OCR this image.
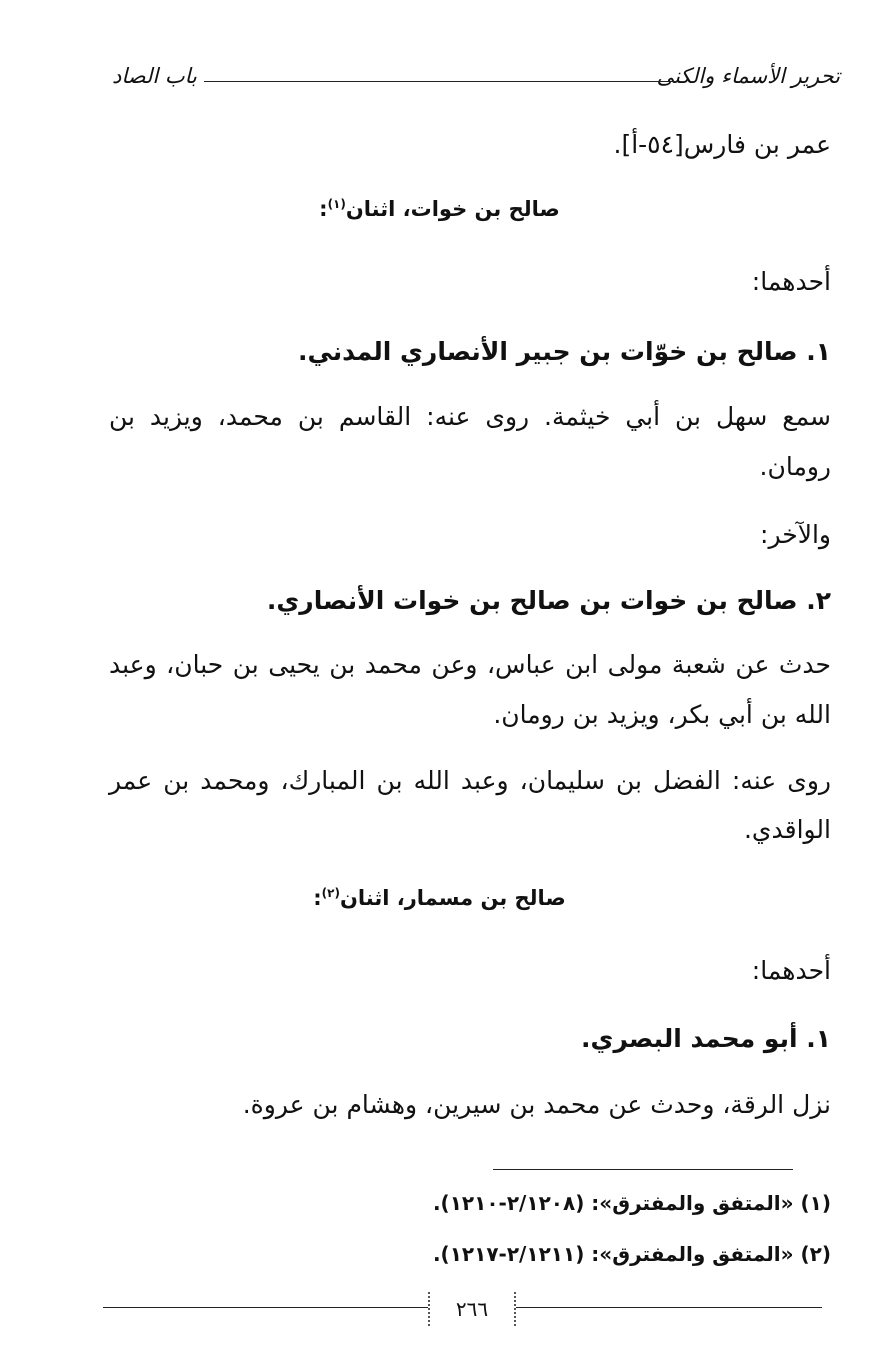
تحرير الأسماء والكنى
باب الصاد
عمر بن فارس[٥٤-أ].
صالح بن خوات، اثنان$^{(١)}$:
أحدهما:
١. صالح بن خوّات بن جبير الأنصاري المدني.
سمع سهل بن أبي خيثمة. روى عنه: القاسم بن محمد، ويزيد بن
رومان.
والآخر:
٢. صالح بن خوات بن صالح بن خوات الأنصاري.
حدث عن شعبة مولى ابن عباس، وعن محمد بن يحيى بن حبان، وعبد
الله بن أبي بكر، ويزيد بن رومان.
روى عنه: الفضل بن سليمان، وعبد الله بن المبارك، ومحمد بن عمر
الواقدي.
صالح بن مسمار، اثنان$^{(٢)}$:
أحدهما:
١. أبو محمد البصري.
نزل الرقة، وحدث عن محمد بن سيرين، وهشام بن عروة.
(١) «المتفق والمفترق»: (٢/١٢٠٨-١٢١٠).
(٢) «المتفق والمفترق»: (٢/١٢١١-١٢١٧).
٢٦٦
